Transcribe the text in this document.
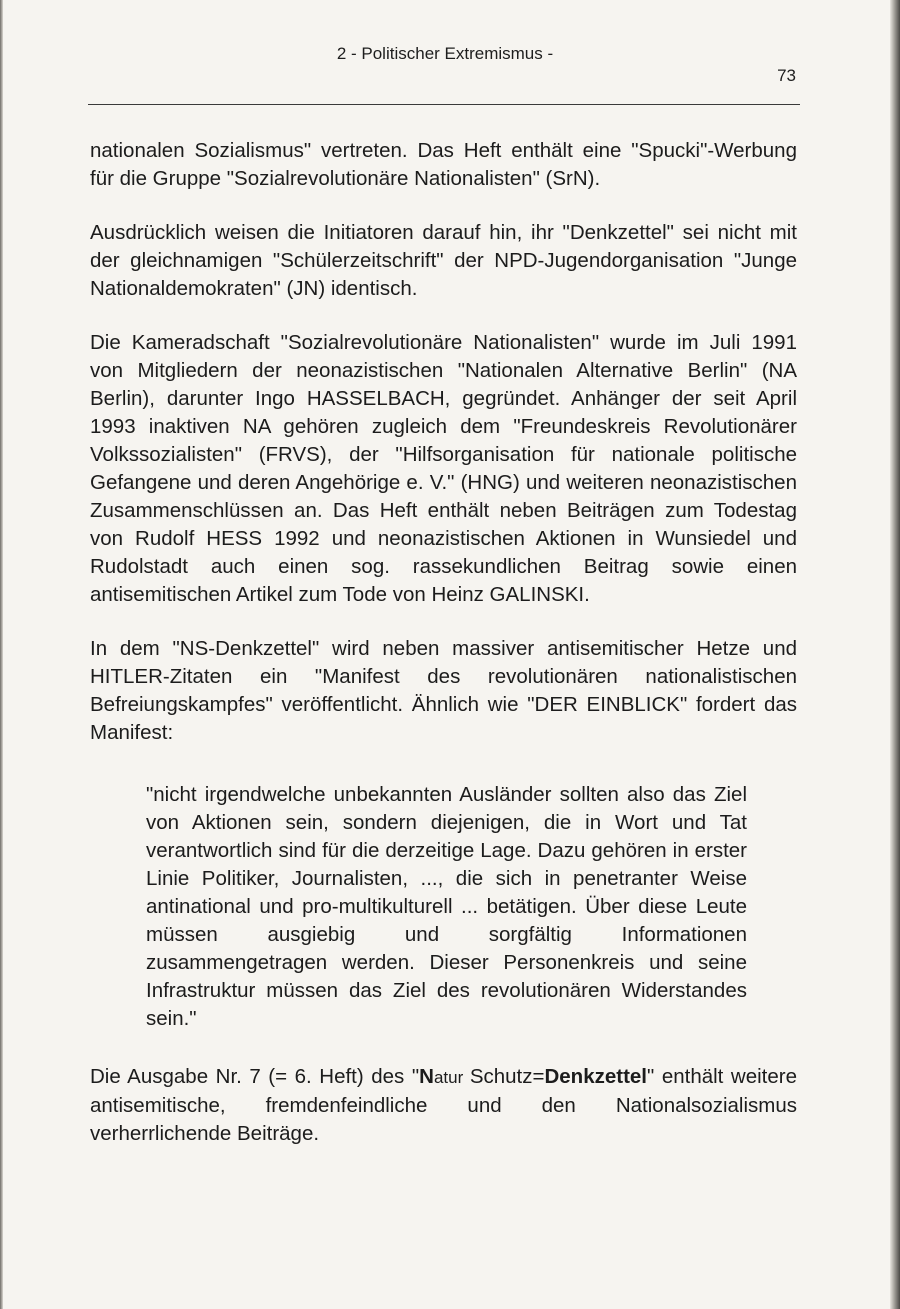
2 - Politischer Extremismus -
73

nationalen Sozialismus" vertreten. Das Heft enthält eine "Spucki"-Werbung für die Gruppe "Sozialrevolutionäre Nationalisten" (SrN).

Ausdrücklich weisen die Initiatoren darauf hin, ihr "Denkzettel" sei nicht mit der gleichnamigen "Schülerzeitschrift" der NPD-Jugendorganisation "Junge Nationaldemokraten" (JN) identisch.

Die Kameradschaft "Sozialrevolutionäre Nationalisten" wurde im Juli 1991 von Mitgliedern der neonazistischen "Nationalen Alternative Berlin" (NA Berlin), darunter Ingo HASSELBACH, gegründet. Anhänger der seit April 1993 inaktiven NA gehören zugleich dem "Freundeskreis Revolutionärer Volkssozialisten" (FRVS), der "Hilfsorganisation für nationale politische Gefangene und deren Angehörige e. V." (HNG) und weiteren neonazistischen Zusammenschlüssen an. Das Heft enthält neben Beiträgen zum Todestag von Rudolf HESS 1992 und neonazistischen Aktionen in Wunsiedel und Rudolstadt auch einen sog. rassekundlichen Beitrag sowie einen antisemitischen Artikel zum Tode von Heinz GALINSKI.

In dem "NS-Denkzettel" wird neben massiver antisemitischer Hetze und HITLER-Zitaten ein "Manifest des revolutionären nationalistischen Befreiungskampfes" veröffentlicht. Ähnlich wie "DER EINBLICK" fordert das Manifest:

"nicht irgendwelche unbekannten Ausländer sollten also das Ziel von Aktionen sein, sondern diejenigen, die in Wort und Tat verantwortlich sind für die derzeitige Lage. Dazu gehören in erster Linie Politiker, Journalisten, ..., die sich in penetranter Weise antinational und pro-multikulturell ... betätigen. Über diese Leute müssen ausgiebig und sorgfältig Informationen zusammengetragen werden. Dieser Personenkreis und seine Infrastruktur müssen das Ziel des revolutionären Widerstandes sein."

Die Ausgabe Nr. 7 (= 6. Heft) des "Natur Schutz=Denkzettel" enthält weitere antisemitische, fremdenfeindliche und den Nationalsozialismus verherrlichende Beiträge.
